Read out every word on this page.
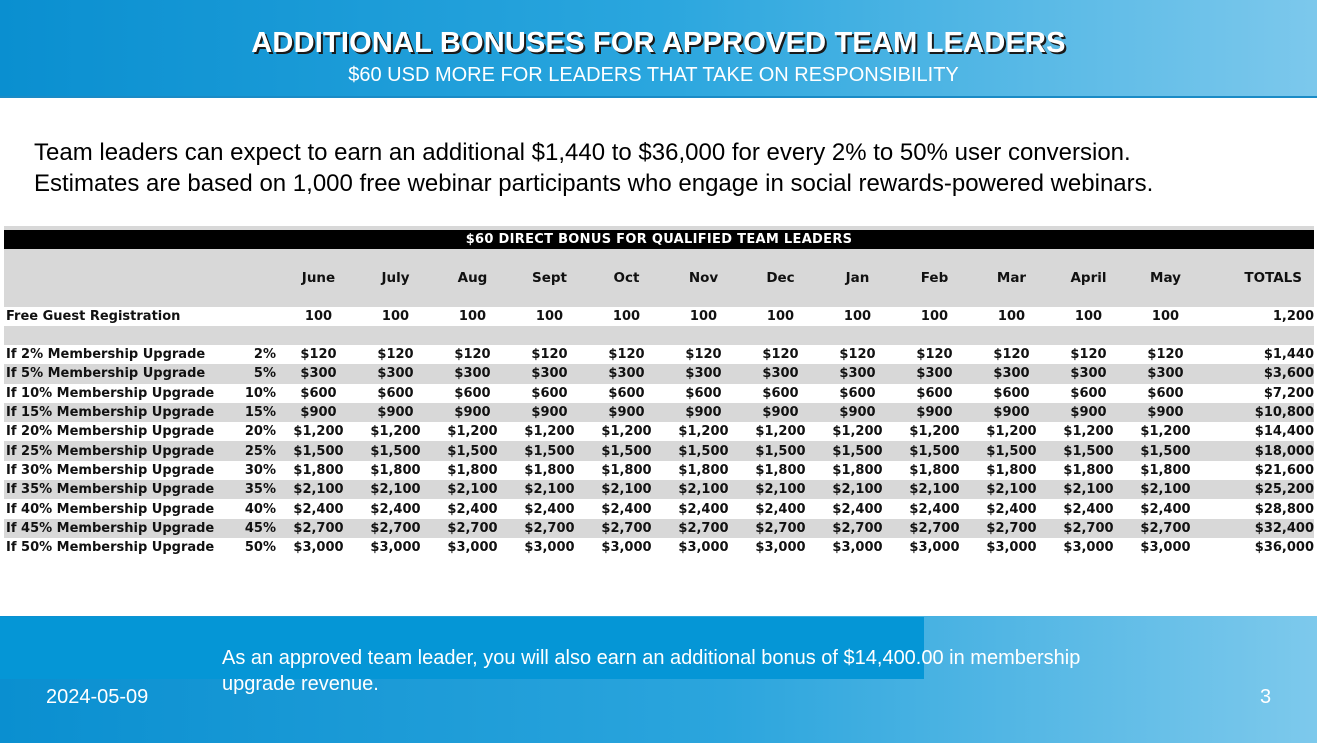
ADDITIONAL BONUSES FOR APPROVED TEAM LEADERS
$60 USD MORE FOR LEADERS THAT TAKE ON RESPONSIBILITY
Team leaders can expect to earn an additional $1,440 to $36,000 for every 2% to 50% user conversion.
Estimates are based on 1,000 free webinar participants who engage in social rewards-powered webinars.

$60 DIRECT BONUS FOR QUALIFIED TEAM LEADERS														
		June	July	Aug	Sept	Oct	Nov	Dec	Jan	Feb	Mar	April	May	TOTALS
Free Guest Registration		100	100	100	100	100	100	100	100	100	100	100	100	1,200

If 2% Membership Upgrade	2%	$120	$120	$120	$120	$120	$120	$120	$120	$120	$120	$120	$120	$1,440
If 5% Membership Upgrade	5%	$300	$300	$300	$300	$300	$300	$300	$300	$300	$300	$300	$300	$3,600
If 10% Membership Upgrade	10%	$600	$600	$600	$600	$600	$600	$600	$600	$600	$600	$600	$600	$7,200
If 15% Membership Upgrade	15%	$900	$900	$900	$900	$900	$900	$900	$900	$900	$900	$900	$900	$10,800
If 20% Membership Upgrade	20%	$1,200	$1,200	$1,200	$1,200	$1,200	$1,200	$1,200	$1,200	$1,200	$1,200	$1,200	$1,200	$14,400
If 25% Membership Upgrade	25%	$1,500	$1,500	$1,500	$1,500	$1,500	$1,500	$1,500	$1,500	$1,500	$1,500	$1,500	$1,500	$18,000
If 30% Membership Upgrade	30%	$1,800	$1,800	$1,800	$1,800	$1,800	$1,800	$1,800	$1,800	$1,800	$1,800	$1,800	$1,800	$21,600
If 35% Membership Upgrade	35%	$2,100	$2,100	$2,100	$2,100	$2,100	$2,100	$2,100	$2,100	$2,100	$2,100	$2,100	$2,100	$25,200
If 40% Membership Upgrade	40%	$2,400	$2,400	$2,400	$2,400	$2,400	$2,400	$2,400	$2,400	$2,400	$2,400	$2,400	$2,400	$28,800
If 45% Membership Upgrade	45%	$2,700	$2,700	$2,700	$2,700	$2,700	$2,700	$2,700	$2,700	$2,700	$2,700	$2,700	$2,700	$32,400
If 50% Membership Upgrade	50%	$3,000	$3,000	$3,000	$3,000	$3,000	$3,000	$3,000	$3,000	$3,000	$3,000	$3,000	$3,000	$36,000
As an approved team leader, you will also earn an additional bonus of $14,400.00 in membership upgrade revenue.
2024-05-09	3
